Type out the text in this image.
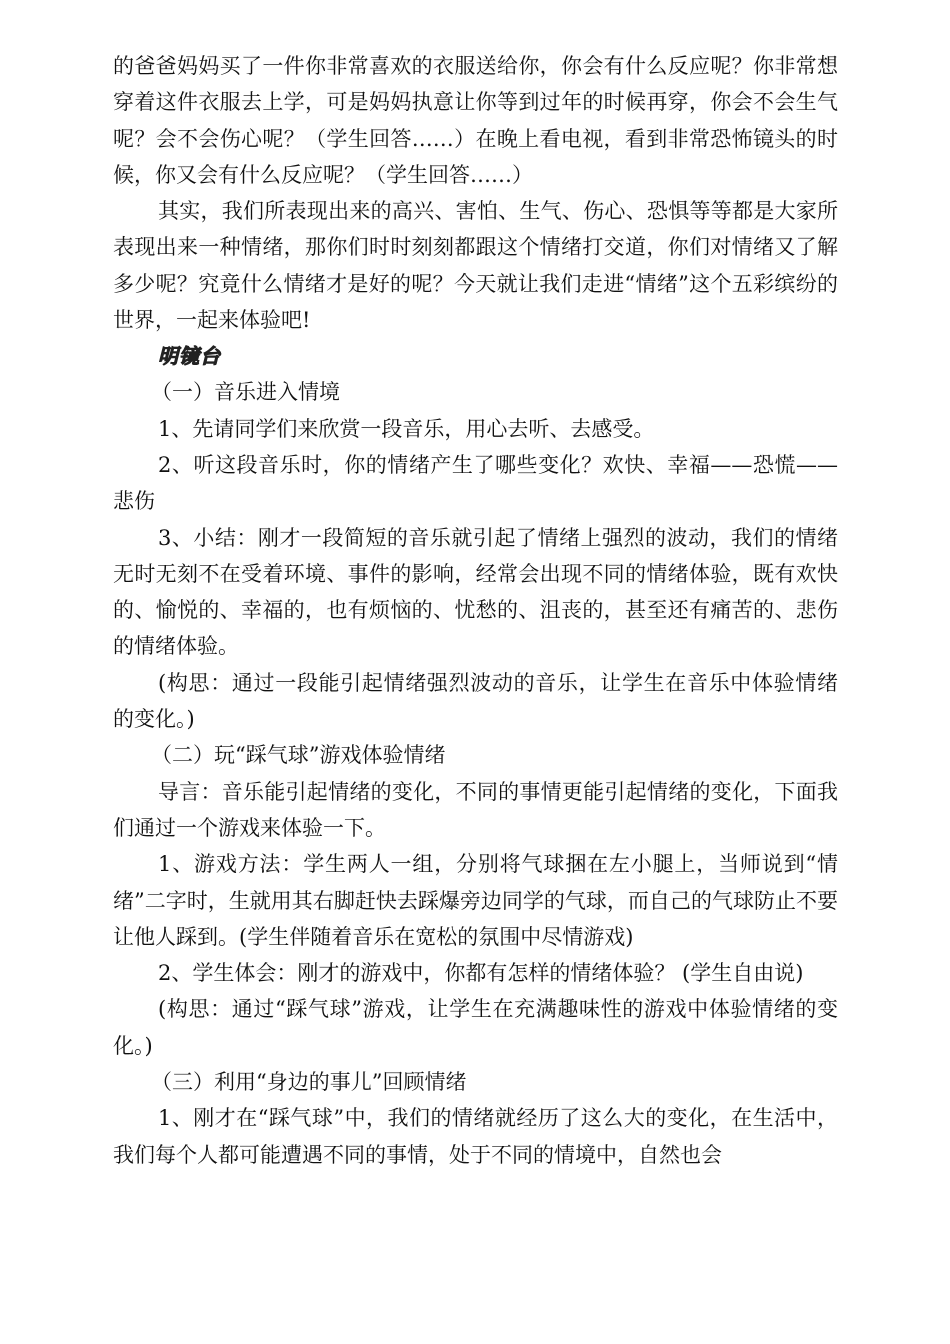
的爸爸妈妈买了一件你非常喜欢的衣服送给你，你会有什么反应呢？你非常想穿着这件衣服去上学，可是妈妈执意让你等到过年的时候再穿，你会不会生气呢？会不会伤心呢？（学生回答……）在晚上看电视，看到非常恐怖镜头的时候，你又会有什么反应呢？（学生回答……）

其实，我们所表现出来的高兴、害怕、生气、伤心、恐惧等等都是大家所表现出来一种情绪，那你们时时刻刻都跟这个情绪打交道，你们对情绪又了解多少呢？究竟什么情绪才是好的呢？今天就让我们走进“情绪”这个五彩缤纷的世界，一起来体验吧!

明镜台

（一）音乐进入情境

1、先请同学们来欣赏一段音乐，用心去听、去感受。

2、听这段音乐时，你的情绪产生了哪些变化？欢快、幸福——恐慌——悲伤

3、小结：刚才一段简短的音乐就引起了情绪上强烈的波动，我们的情绪无时无刻不在受着环境、事件的影响，经常会出现不同的情绪体验，既有欢快的、愉悦的、幸福的，也有烦恼的、忧愁的、沮丧的，甚至还有痛苦的、悲伤的情绪体验。

(构思：通过一段能引起情绪强烈波动的音乐，让学生在音乐中体验情绪的变化。)

（二）玩“踩气球”游戏体验情绪

导言：音乐能引起情绪的变化，不同的事情更能引起情绪的变化，下面我们通过一个游戏来体验一下。

1、游戏方法：学生两人一组，分别将气球捆在左小腿上，当师说到“情绪”二字时，生就用其右脚赶快去踩爆旁边同学的气球，而自己的气球防止不要让他人踩到。(学生伴随着音乐在宽松的氛围中尽情游戏)

2、学生体会：刚才的游戏中，你都有怎样的情绪体验？ (学生自由说)

(构思：通过“踩气球”游戏，让学生在充满趣味性的游戏中体验情绪的变化。)

（三）利用“身边的事儿”回顾情绪

1、刚才在“踩气球”中，我们的情绪就经历了这么大的变化，在生活中，我们每个人都可能遭遇不同的事情，处于不同的情境中，自然也会
